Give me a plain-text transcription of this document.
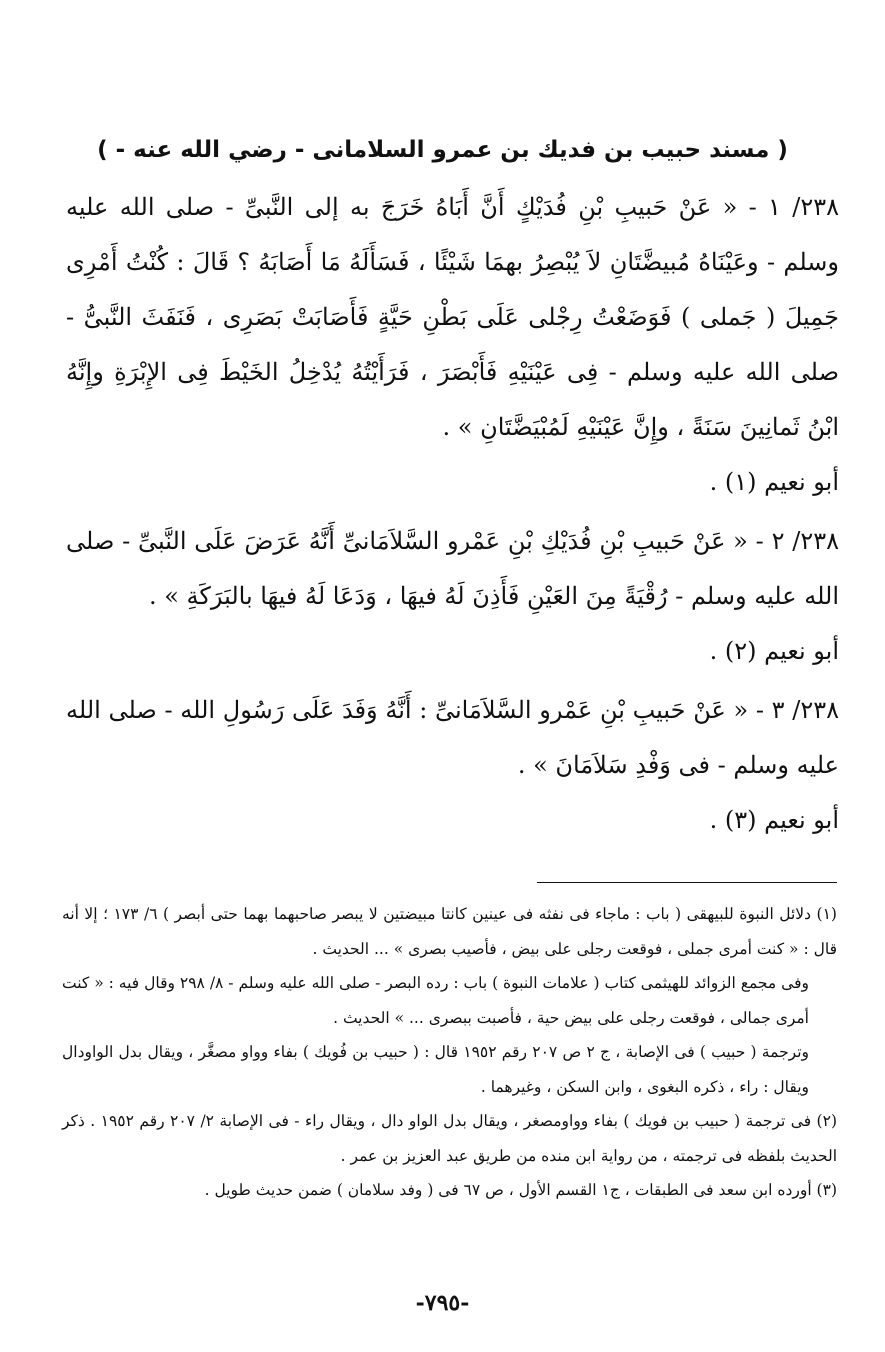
( مسند حبيب بن فديك بن عمرو السلامانى - رضي الله عنه - )

٢٣٨/ ١ - « عَنْ حَبيبِ بْنِ فُدَيْكٍ أَنَّ أَبَاهُ خَرَجَ به إلى النَّبىِّ - صلى الله عليه وسلم - وعَيْنَاهُ مُبيضَّتَانِ لاَ يُبْصِرُ بهمَا شَيْئًا ، فَسَأَلَهُ مَا أَصَابَهُ ؟ قَالَ : كُنْتُ أَمْرِى جَمِيلَ ( جَملى ) فَوَضَعْتُ رِجْلى عَلَى بَطْنِ حَيَّةٍ فَأَصَابَتْ بَصَرِى ، فَنَفَثَ النَّبىُّ - صلى الله عليه وسلم - فِى عَيْنَيْهِ فَأَبْصَرَ ، فَرَأَيْتُهُ يُدْخِلُ الخَيْطَ فِى الإِبْرَةِ وإِنَّهُ ابْنُ ثَمانِينَ سَنَةً ، وإِنَّ عَيْنَيْهِ لَمُبْيَضَّتَانِ » .

أبو نعيم (١) .

٢٣٨/ ٢ - « عَنْ حَبيبِ بْنِ فُدَيْكِ بْنِ عَمْرو السَّلاَمَانىِّ أَنَّهُ عَرَضَ عَلَى النَّبىِّ - صلى الله عليه وسلم - رُقْيَةً مِنَ العَيْنِ فَأَذِنَ لَهُ فيهَا ، وَدَعَا لَهُ فيهَا بالبَرَكَةِ » .

أبو نعيم (٢) .

٢٣٨/ ٣ - « عَنْ حَبيبِ بْنِ عَمْرو السَّلاَمَانىِّ : أَنَّهُ وَفَدَ عَلَى رَسُولِ الله - صلى الله عليه وسلم - فى وَفْدِ سَلاَمَانَ » .

أبو نعيم (٣) .

(١) دلائل النبوة للبيهقى ( باب : ماجاء فى نفثه فى عينين كانتا مبيضتين لا يبصر صاحبهما بهما حتى أبصر ) ٦/ ١٧٣ ؛ إلا أنه قال : « كنت أمرى جملى ، فوقعت رجلى على بيض ، فأصيب بصرى » ... الحديث .

وفى مجمع الزوائد للهيثمى كتاب ( علامات النبوة ) باب : رده البصر - صلى الله عليه وسلم - ٨/ ٢٩٨ وقال فيه : « كنت أمرى جمالى ، فوقعت رجلى على بيض حية ، فأصبت ببصرى ... » الحديث .

وترجمة ( حبيب ) فى الإصابة ، ج ٢ ص ٢٠٧ رقم ١٩٥٢ قال : ( حبيب بن فُويك ) بفاء وواو مصغَّر ، ويقال بدل الواودال ويقال : راء ، ذكره البغوى ، وابن السكن ، وغيرهما .

(٢) فى ترجمة ( حبيب بن فويك ) بفاء وواومصغر ، ويقال بدل الواو دال ، ويقال راء - فى الإصابة ٢/ ٢٠٧ رقم ١٩٥٢ . ذكر الحديث بلفظه فى ترجمته ، من رواية ابن منده من طريق عبد العزيز بن عمر .

(٣) أورده ابن سعد فى الطبقات ، ج١ القسم الأول ، ص ٦٧ فى ( وفد سلامان ) ضمن حديث طويل .

-٧٩٥-
